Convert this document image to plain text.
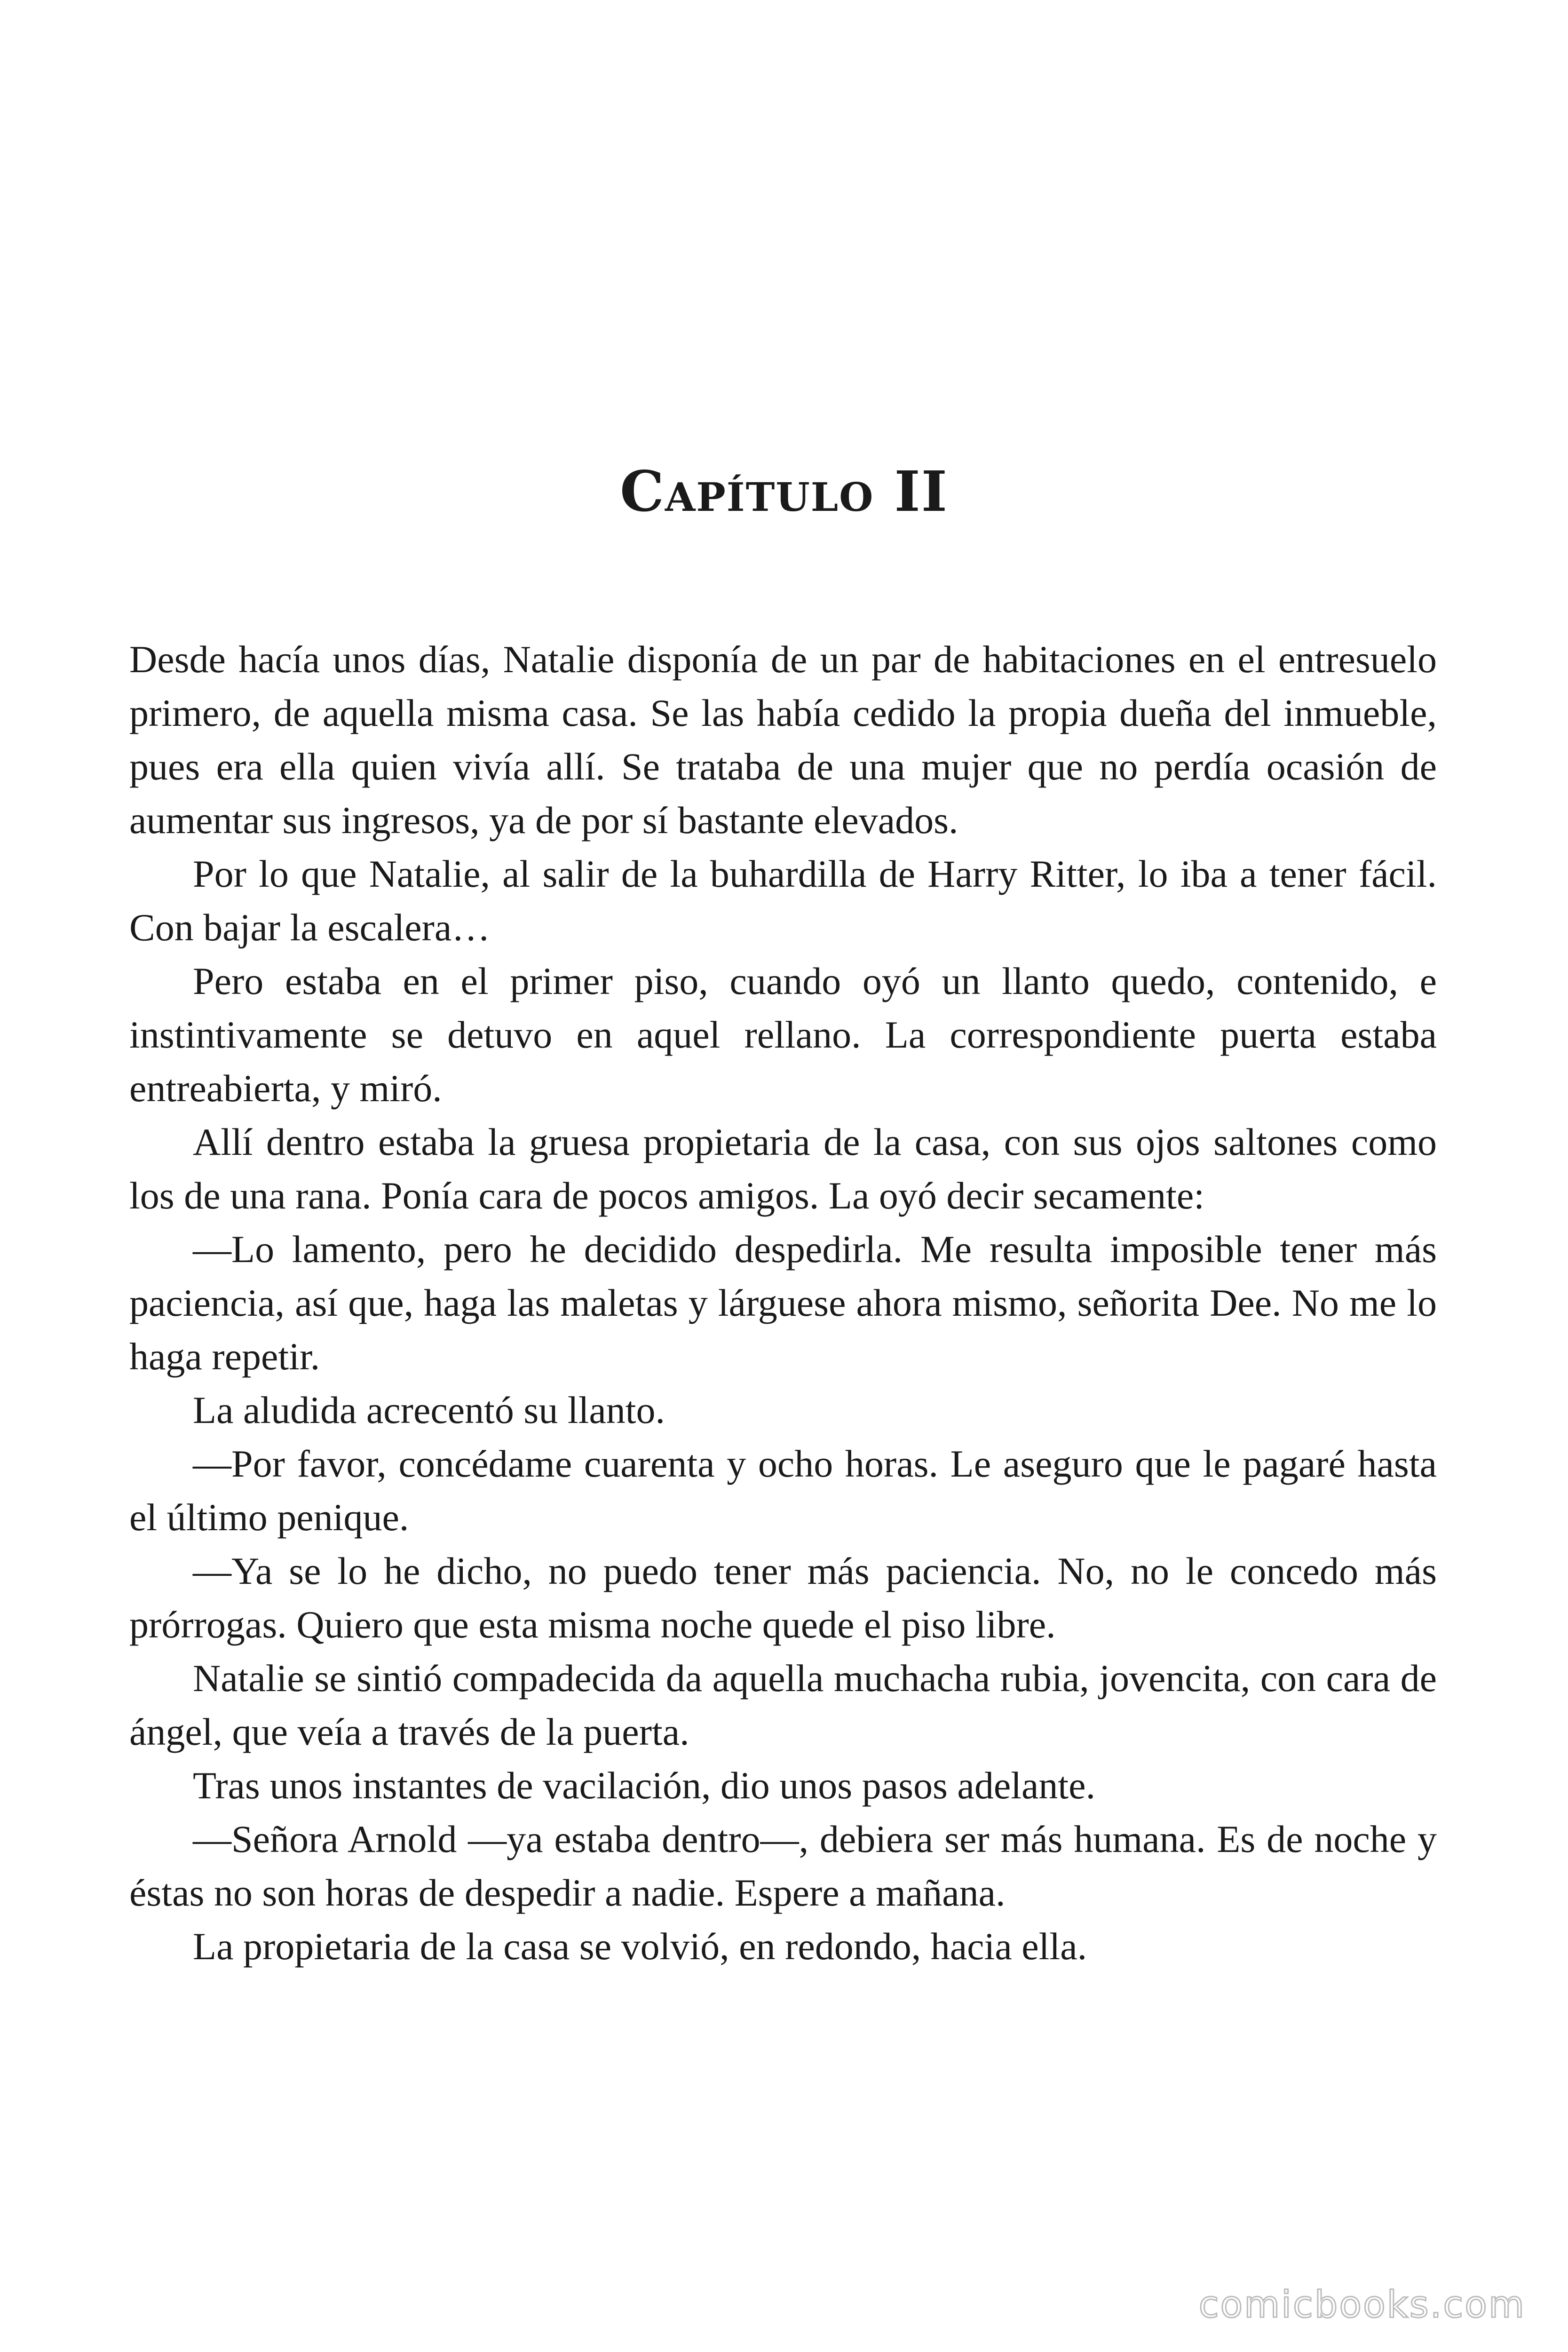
Capítulo II

Desde hacía unos días, Natalie disponía de un par de habitaciones en el entresuelo primero, de aquella misma casa. Se las había cedido la propia dueña del inmueble, pues era ella quien vivía allí. Se trataba de una mujer que no perdía ocasión de aumentar sus ingresos, ya de por sí bastante elevados.

Por lo que Natalie, al salir de la buhardilla de Harry Ritter, lo iba a tener fácil. Con bajar la escalera…

Pero estaba en el primer piso, cuando oyó un llanto quedo, contenido, e instintivamente se detuvo en aquel rellano. La correspondiente puerta estaba entreabierta, y miró.

Allí dentro estaba la gruesa propietaria de la casa, con sus ojos saltones como los de una rana. Ponía cara de pocos amigos. La oyó decir secamente:

—Lo lamento, pero he decidido despedirla. Me resulta imposible tener más paciencia, así que, haga las maletas y lárguese ahora mismo, señorita Dee. No me lo haga repetir.

La aludida acrecentó su llanto.

—Por favor, concédame cuarenta y ocho horas. Le aseguro que le pagaré hasta el último penique.

—Ya se lo he dicho, no puedo tener más paciencia. No, no le concedo más prórrogas. Quiero que esta misma noche quede el piso libre.

Natalie se sintió compadecida da aquella muchacha rubia, jovencita, con cara de ángel, que veía a través de la puerta.

Tras unos instantes de vacilación, dio unos pasos adelante.

—Señora Arnold —ya estaba dentro—, debiera ser más humana. Es de noche y éstas no son horas de despedir a nadie. Espere a mañana.

La propietaria de la casa se volvió, en redondo, hacia ella.

comicbooks.com
